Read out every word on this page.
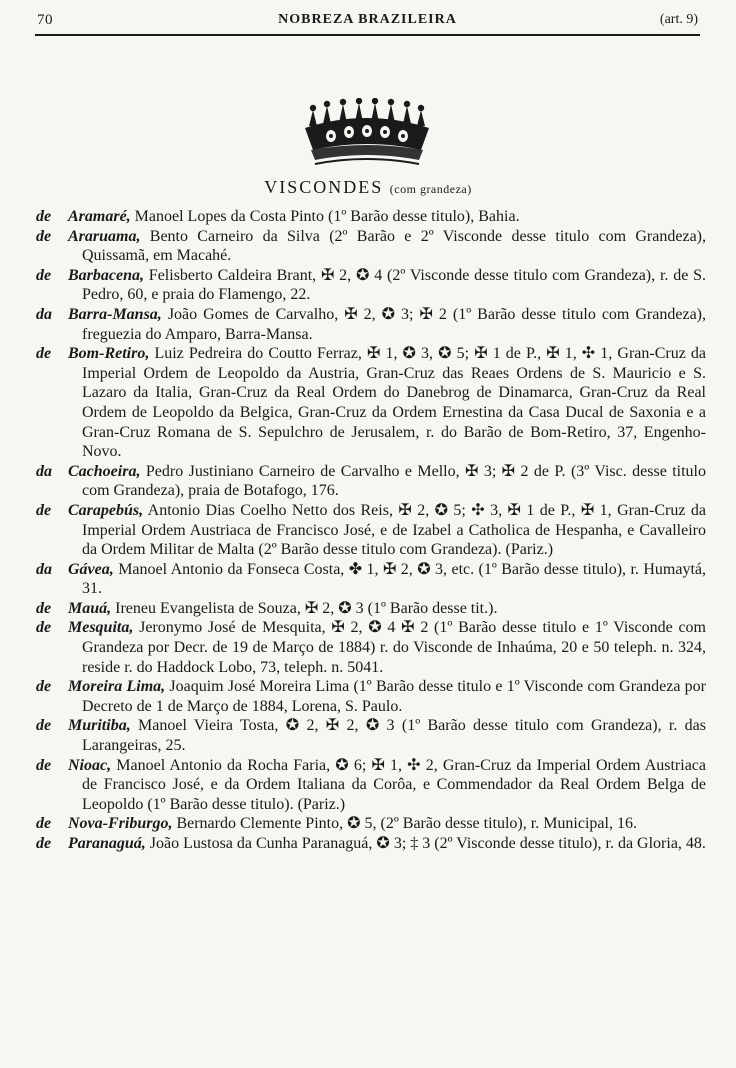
70	NOBREZA BRAZILEIRA	(art. 9)
VISCONDES (com grandeza)
de Aramaré, Manoel Lopes da Costa Pinto (1º Barão desse titulo), Bahia.
de Araruama, Bento Carneiro da Silva (2º Barão e 2º Visconde desse titulo com Grandeza), Quissamã, em Macahé.
de Barbacena, Felisberto Caldeira Brant, ✠ 2, ✪ 4 (2º Visconde desse titulo com Grandeza), r. de S. Pedro, 60, e praia do Flamengo, 22.
da Barra-Mansa, João Gomes de Carvalho, ✠ 2, ✪ 3; ✠ 2 (1º Barão desse titulo com Grandeza), freguezia do Amparo, Barra-Mansa.
de Bom-Retiro, Luiz Pedreira do Coutto Ferraz, ✠ 1, ✪ 3, ✪ 5; ✠ 1 de P., ✠ 1, ✣ 1, Gran-Cruz da Imperial Ordem de Leopoldo da Austria, Gran-Cruz das Reaes Ordens de S. Mauricio e S. Lazaro da Italia, Gran-Cruz da Real Ordem do Danebrog de Dinamarca, Gran-Cruz da Real Ordem de Leopoldo da Belgica, Gran-Cruz da Ordem Ernestina da Casa Ducal de Saxonia e a Gran-Cruz Romana de S. Sepulchro de Jerusalem, r. do Barão de Bom-Retiro, 37, Engenho-Novo.
da Cachoeira, Pedro Justiniano Carneiro de Carvalho e Mello, ✠ 3; ✠ 2 de P. (3º Visc. desse titulo com Grandeza), praia de Botafogo, 176.
de Carapebús, Antonio Dias Coelho Netto dos Reis, ✠ 2, ✪ 5; ✣ 3, ✠ 1 de P., ✠ 1, Gran-Cruz da Imperial Ordem Austriaca de Francisco José, e de Izabel a Catholica de Hespanha, e Cavalleiro da Ordem Militar de Malta (2º Barão desse titulo com Grandeza). (Pariz.)
da Gávea, Manoel Antonio da Fonseca Costa, ✤ 1, ✠ 2, ✪ 3, etc. (1º Barão desse titulo), r. Humaytá, 31.
de Mauá, Ireneu Evangelista de Souza, ✠ 2, ✪ 3 (1º Barão desse tit.).
de Mesquita, Jeronymo José de Mesquita, ✠ 2, ✪ 4 ✠ 2 (1º Barão desse titulo e 1º Visconde com Grandeza por Decr. de 19 de Março de 1884) r. do Visconde de Inhaúma, 20 e 50 teleph. n. 324, reside r. do Haddock Lobo, 73, teleph. n. 5041.
de Moreira Lima, Joaquim José Moreira Lima (1º Barão desse titulo e 1º Visconde com Grandeza por Decreto de 1 de Março de 1884, Lorena, S. Paulo.
de Muritiba, Manoel Vieira Tosta, ✪ 2, ✠ 2, ✪ 3 (1º Barão desse titulo com Grandeza), r. das Larangeiras, 25.
de Nioac, Manoel Antonio da Rocha Faria, ✪ 6; ✠ 1, ✣ 2, Gran-Cruz da Imperial Ordem Austriaca de Francisco José, e da Ordem Italiana da Corôa, e Commendador da Real Ordem Belga de Leopoldo (1º Barão desse titulo). (Pariz.)
de Nova-Friburgo, Bernardo Clemente Pinto, ✪ 5, (2º Barão desse titulo), r. Municipal, 16.
de Paranaguá, João Lustosa da Cunha Paranaguá, ✪ 3; ‡ 3 (2º Visconde desse titulo), r. da Gloria, 48.
